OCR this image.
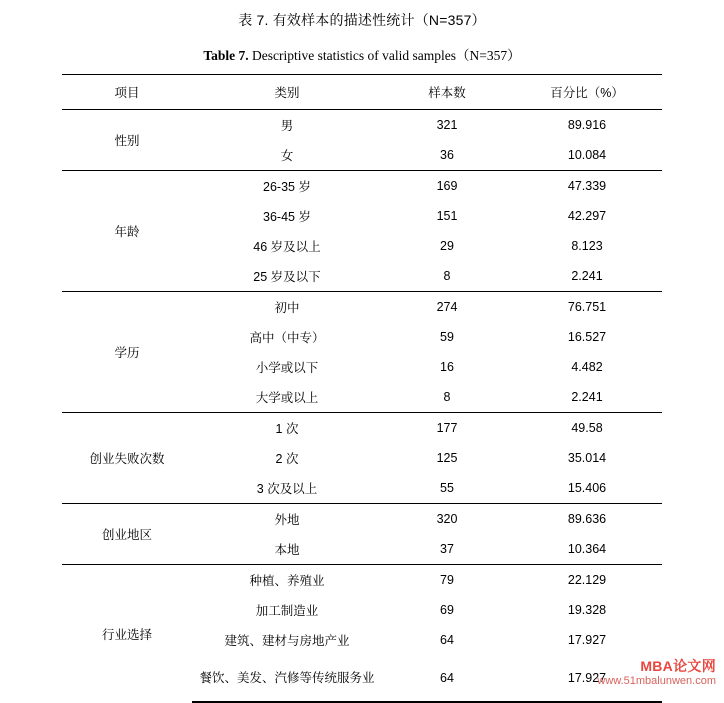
表 7. 有效样本的描述性统计（N=357）
Table 7. Descriptive statistics of valid samples（N=357）
项目	类别	样本数	百分比（%）
性别	男	321	89.916
	女	36	10.084
年龄	26-35 岁	169	47.339
	36-45 岁	151	42.297
	46 岁及以上	29	8.123
	25 岁及以下	8	2.241
学历	初中	274	76.751
	高中（中专）	59	16.527
	小学或以下	16	4.482
	大学或以上	8	2.241
创业失败次数	1 次	177	49.58
	2 次	125	35.014
	3 次及以上	55	15.406
创业地区	外地	320	89.636
	本地	37	10.364
行业选择	种植、养殖业	79	22.129
	加工制造业	69	19.328
	建筑、建材与房地产业	64	17.927
	餐饮、美发、汽修等传统服务业	64	17.927
MBA论文网
www.51mbalunwen.com
